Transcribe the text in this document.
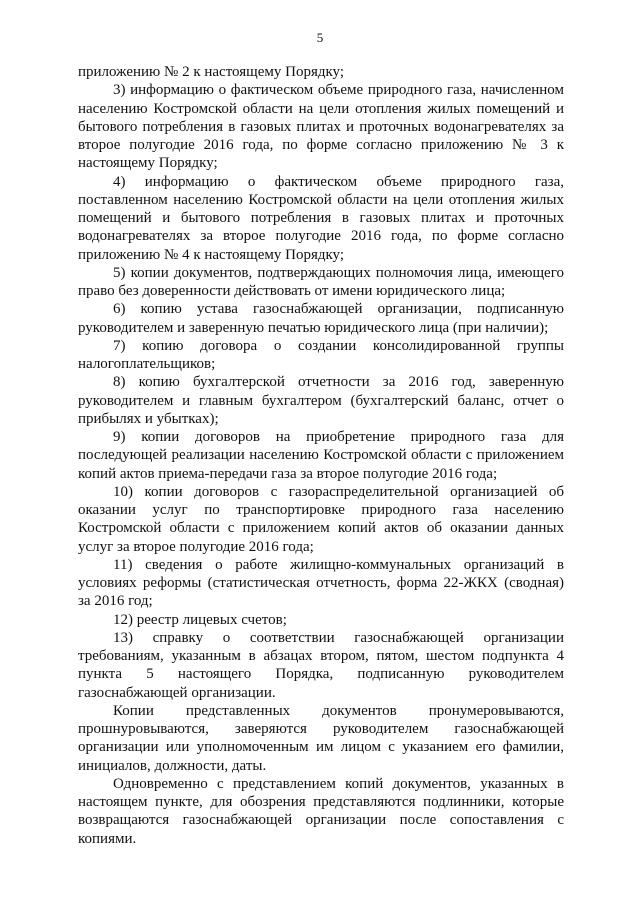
5

приложению № 2 к настоящему Порядку;

3) информацию о фактическом объеме природного газа, начисленном населению Костромской области на цели отопления жилых помещений и бытового потребления в газовых плитах и проточных водонагревателях за второе полугодие 2016 года, по форме согласно приложению № 3 к настоящему Порядку;

4) информацию о фактическом объеме природного газа, поставленном населению Костромской области на цели отопления жилых помещений и бытового потребления в газовых плитах и проточных водонагревателях за второе полугодие 2016 года, по форме согласно приложению № 4 к настоящему Порядку;

5) копии документов, подтверждающих полномочия лица, имеющего право без доверенности действовать от имени юридического лица;

6) копию устава газоснабжающей организации, подписанную руководителем и заверенную печатью юридического лица (при наличии);

7) копию договора о создании консолидированной группы налогоплательщиков;

8) копию бухгалтерской отчетности за 2016 год, заверенную руководителем и главным бухгалтером (бухгалтерский баланс, отчет о прибылях и убытках);

9) копии договоров на приобретение природного газа для последующей реализации населению Костромской области с приложением копий актов приема-передачи газа за второе полугодие 2016 года;

10) копии договоров с газораспределительной организацией об оказании услуг по транспортировке природного газа населению Костромской области с приложением копий актов об оказании данных услуг за второе полугодие 2016 года;

11) сведения о работе жилищно-коммунальных организаций в условиях реформы (статистическая отчетность, форма 22-ЖКХ (сводная) за 2016 год;

12) реестр лицевых счетов;

13) справку о соответствии газоснабжающей организации требованиям, указанным в абзацах втором, пятом, шестом подпункта 4 пункта 5 настоящего Порядка, подписанную руководителем газоснабжающей организации.

Копии представленных документов пронумеровываются, прошнуровываются, заверяются руководителем газоснабжающей организации или уполномоченным им лицом с указанием его фамилии, инициалов, должности, даты.

Одновременно с представлением копий документов, указанных в настоящем пункте, для обозрения представляются подлинники, которые возвращаются газоснабжающей организации после сопоставления с копиями.
